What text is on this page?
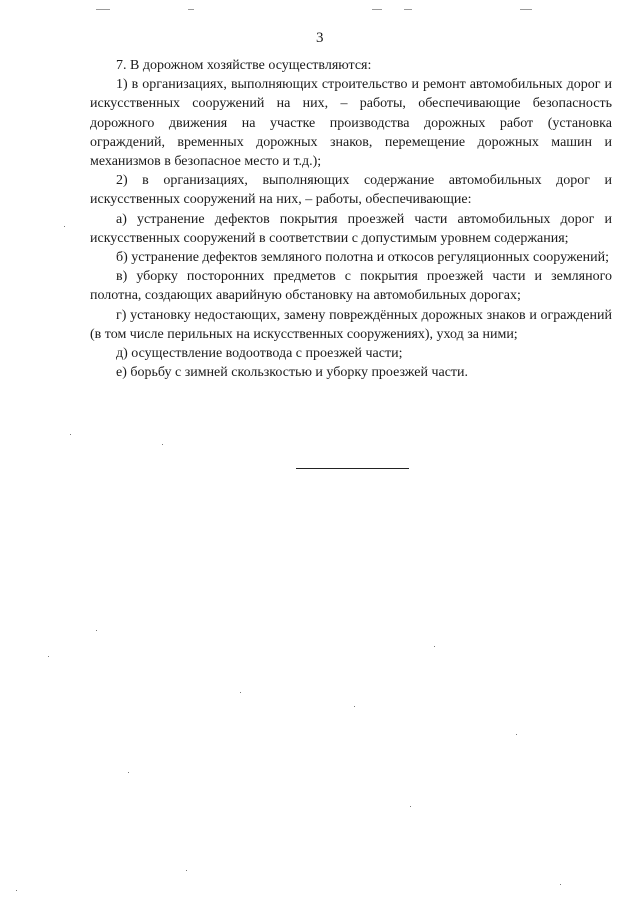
3

7. В дорожном хозяйстве осуществляются:

1) в организациях, выполняющих строительство и ремонт автомобильных дорог и искусственных сооружений на них, – работы, обеспечивающие безопасность дорожного движения на участке производства дорожных работ (установка ограждений, временных дорожных знаков, перемещение дорожных машин и механизмов в безопасное место и т.д.);

2) в организациях, выполняющих содержание автомобильных дорог и искусственных сооружений на них, – работы, обеспечивающие:

а) устранение дефектов покрытия проезжей части автомобильных дорог и искусственных сооружений в соответствии с допустимым уровнем содержания;

б) устранение дефектов земляного полотна и откосов регуляционных сооружений;

в) уборку посторонних предметов с покрытия проезжей части и земляного полотна, создающих аварийную обстановку на автомобильных дорогах;

г) установку недостающих, замену повреждённых дорожных знаков и ограждений (в том числе перильных на искусственных сооружениях), уход за ними;

д) осуществление водоотвода с проезжей части;

е) борьбу с зимней скользкостью и уборку проезжей части.
